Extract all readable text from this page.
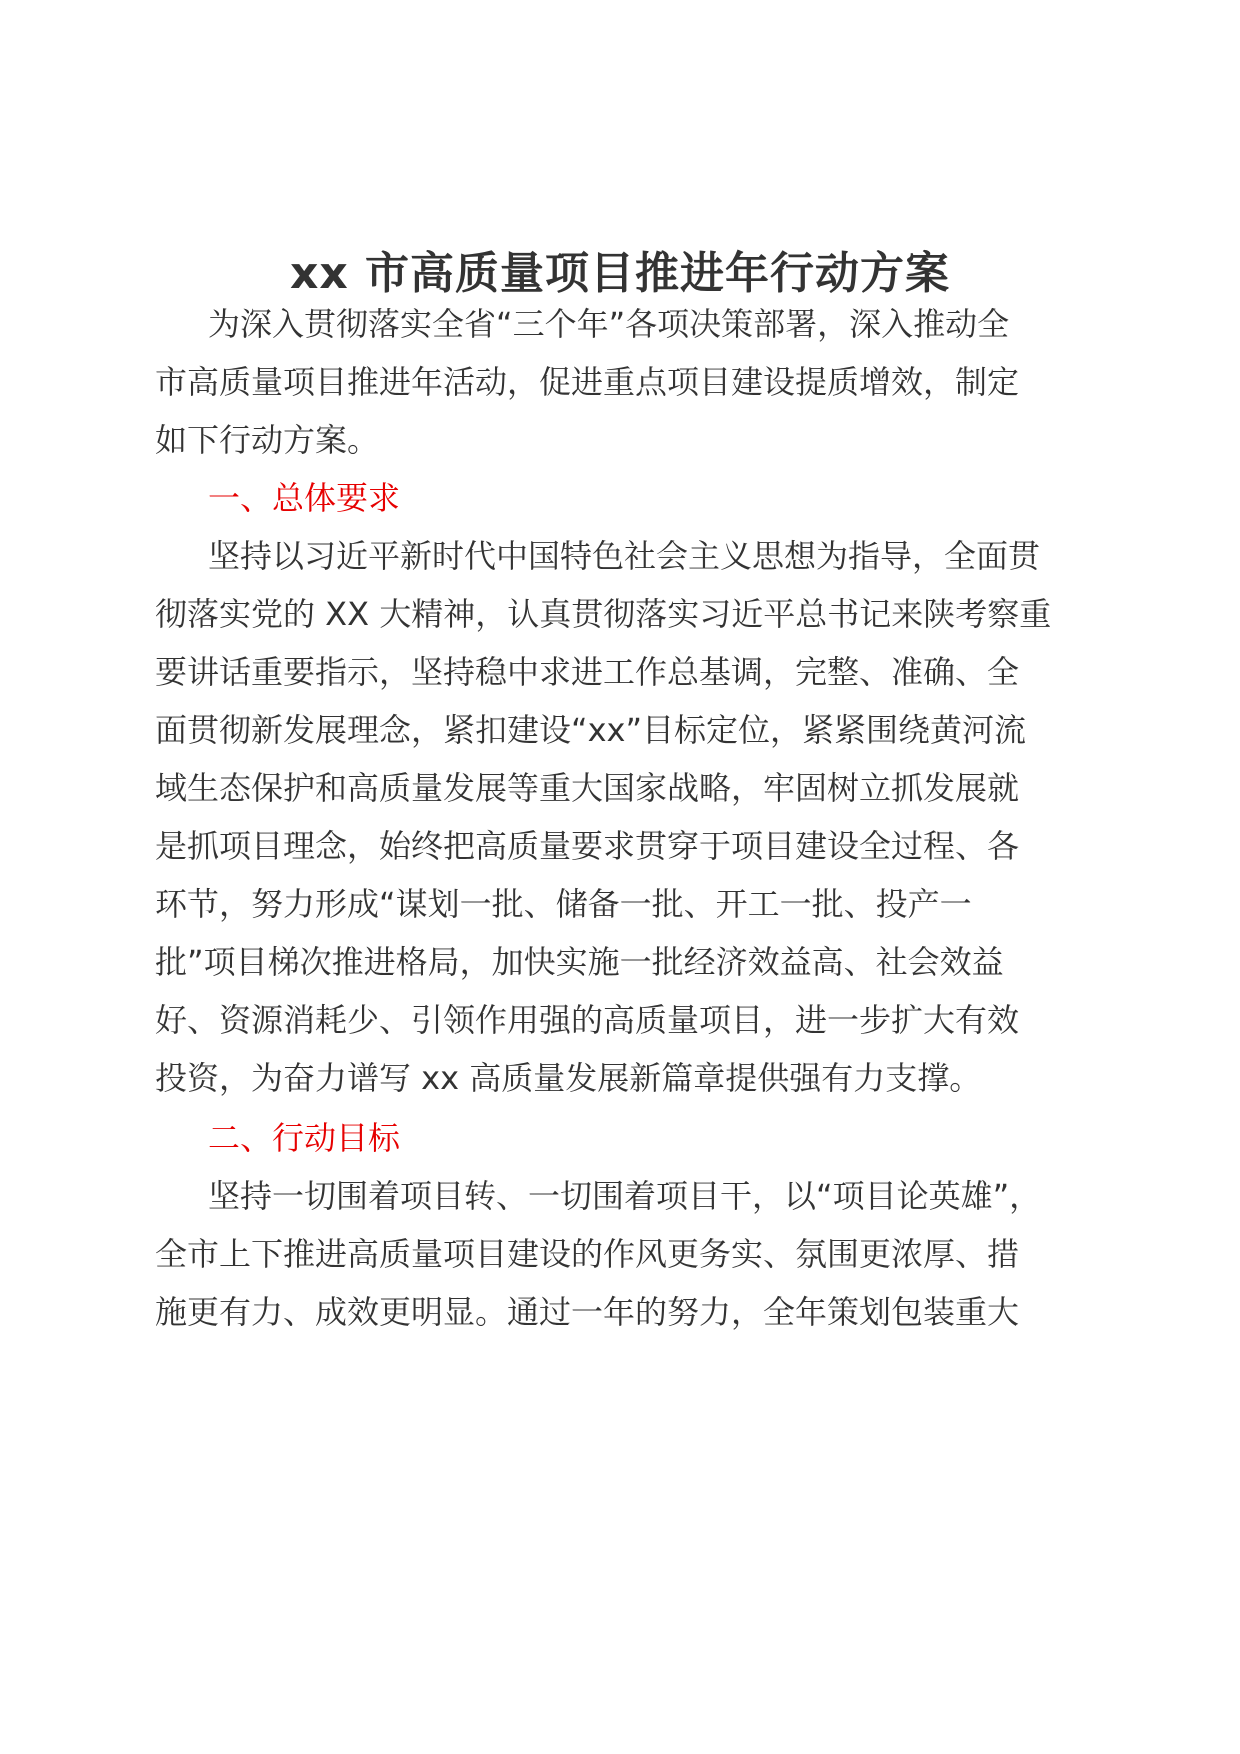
xx 市高质量项目推进年行动方案
为深入贯彻落实全省“三个年”各项决策部署，深入推动全
市高质量项目推进年活动，促进重点项目建设提质增效，制定
如下行动方案。
一、总体要求
坚持以习近平新时代中国特色社会主义思想为指导，全面贯
彻落实党的 XX 大精神，认真贯彻落实习近平总书记来陕考察重
要讲话重要指示，坚持稳中求进工作总基调，完整、准确、全
面贯彻新发展理念，紧扣建设“xx”目标定位，紧紧围绕黄河流
域生态保护和高质量发展等重大国家战略，牢固树立抓发展就
是抓项目理念，始终把高质量要求贯穿于项目建设全过程、各
环节，努力形成“谋划一批、储备一批、开工一批、投产一
批”项目梯次推进格局，加快实施一批经济效益高、社会效益
好、资源消耗少、引领作用强的高质量项目，进一步扩大有效
投资，为奋力谱写 xx 高质量发展新篇章提供强有力支撑。
二、行动目标
坚持一切围着项目转、一切围着项目干，以“项目论英雄”，
全市上下推进高质量项目建设的作风更务实、氛围更浓厚、措
施更有力、成效更明显。通过一年的努力，全年策划包装重大
